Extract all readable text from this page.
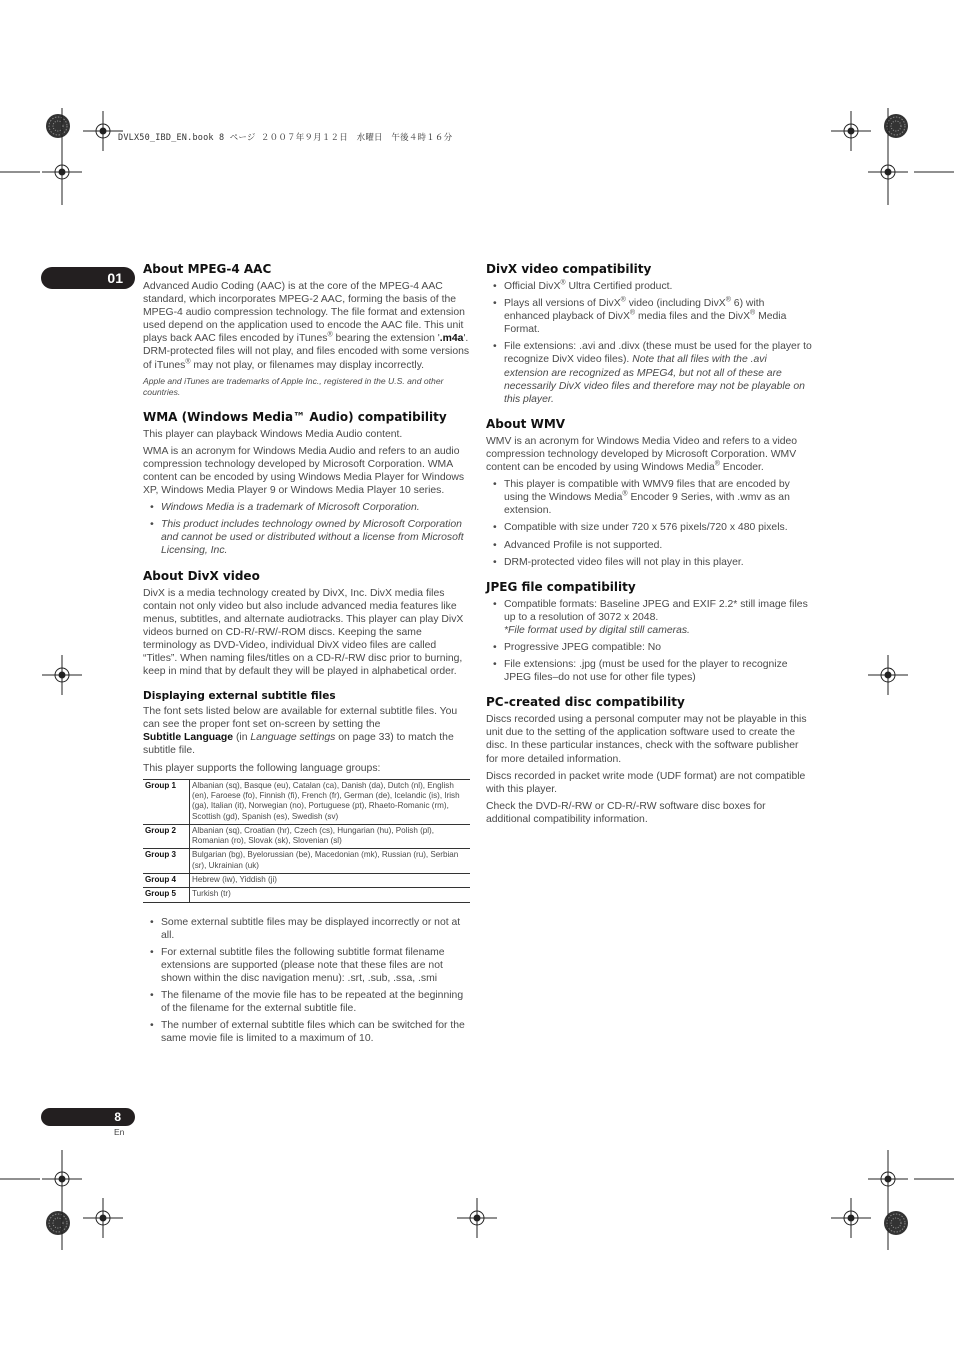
DVLX50_IBD_EN.book 8 ページ ２００７年９月１２日　水曜日　午後４時１６分
01
About MPEG-4 AAC

Advanced Audio Coding (AAC) is at the core of the MPEG-4 AAC standard, which incorporates MPEG-2 AAC, forming the basis of the MPEG-4 audio compression technology. The file format and extension used depend on the application used to encode the AAC file. This unit plays back AAC files encoded by iTunes® bearing the extension '.m4a'. DRM-protected files will not play, and files encoded with some versions of iTunes® may not play, or filenames may display incorrectly.

Apple and iTunes are trademarks of Apple Inc., registered in the U.S. and other countries.
WMA (Windows Media™ Audio) compatibility

This player can playback Windows Media Audio content.

WMA is an acronym for Windows Media Audio and refers to an audio compression technology developed by Microsoft Corporation. WMA content can be encoded by using Windows Media Player for Windows XP, Windows Media Player 9 or Windows Media Player 10 series.

• Windows Media is a trademark of Microsoft Corporation.
• This product includes technology owned by Microsoft Corporation and cannot be used or distributed without a license from Microsoft Licensing, Inc.
About DivX video

DivX is a media technology created by DivX, Inc. DivX media files contain not only video but also include advanced media features like menus, subtitles, and alternate audiotracks. This player can play DivX videos burned on CD-R/-RW/-ROM discs. Keeping the same terminology as DVD-Video, individual DivX video files are called “Titles”. When naming files/titles on a CD-R/-RW disc prior to burning, keep in mind that by default they will be played in alphabetical order.

Displaying external subtitle files

The font sets listed below are available for external subtitle files. You can see the proper font set on-screen by setting the
Subtitle Language (in Language settings on page 33) to match the subtitle file.

This player supports the following language groups:

Group 1	Albanian (sq), Basque (eu), Catalan (ca), Danish (da), Dutch (nl), English (en), Faroese (fo), Finnish (fi), French (fr), German (de), Icelandic (is), Irish (ga), Italian (it), Norwegian (no), Portuguese (pt), Rhaeto-Romanic (rm), Scottish (gd), Spanish (es), Swedish (sv)
Group 2	Albanian (sq), Croatian (hr), Czech (cs), Hungarian (hu), Polish (pl), Romanian (ro), Slovak (sk), Slovenian (sl)
Group 3	Bulgarian (bg), Byelorussian (be), Macedonian (mk), Russian (ru), Serbian (sr), Ukrainian (uk)
Group 4	Hebrew (iw), Yiddish (ji)
Group 5	Turkish (tr)
• Some external subtitle files may be displayed incorrectly or not at all.
• For external subtitle files the following subtitle format filename extensions are supported (please note that these files are not shown within the disc navigation menu): .srt, .sub, .ssa, .smi
• The filename of the movie file has to be repeated at the beginning of the filename for the external subtitle file.
• The number of external subtitle files which can be switched for the same movie file is limited to a maximum of 10.
DivX video compatibility
• Official DivX® Ultra Certified product.
• Plays all versions of DivX® video (including DivX® 6) with enhanced playback of DivX® media files and the DivX® Media Format.
• File extensions: .avi and .divx (these must be used for the player to recognize DivX video files). Note that all files with the .avi extension are recognized as MPEG4, but not all of these are necessarily DivX video files and therefore may not be playable on this player.
About WMV

WMV is an acronym for Windows Media Video and refers to a video compression technology developed by Microsoft Corporation. WMV content can be encoded by using Windows Media® Encoder.

• This player is compatible with WMV9 files that are encoded by using the Windows Media® Encoder 9 Series, with .wmv as an extension.
• Compatible with size under 720 x 576 pixels/720 x 480 pixels.
• Advanced Profile is not supported.
• DRM-protected video files will not play in this player.
JPEG file compatibility
• Compatible formats: Baseline JPEG and EXIF 2.2* still image files up to a resolution of 3072 x 2048.
*File format used by digital still cameras.
• Progressive JPEG compatible: No
• File extensions: .jpg (must be used for the player to recognize JPEG files–do not use for other file types)
PC-created disc compatibility

Discs recorded using a personal computer may not be playable in this unit due to the setting of the application software used to create the disc. In these particular instances, check with the software publisher for more detailed information.

Discs recorded in packet write mode (UDF format) are not compatible with this player.

Check the DVD-R/-RW or CD-R/-RW software disc boxes for additional compatibility information.

8
En
